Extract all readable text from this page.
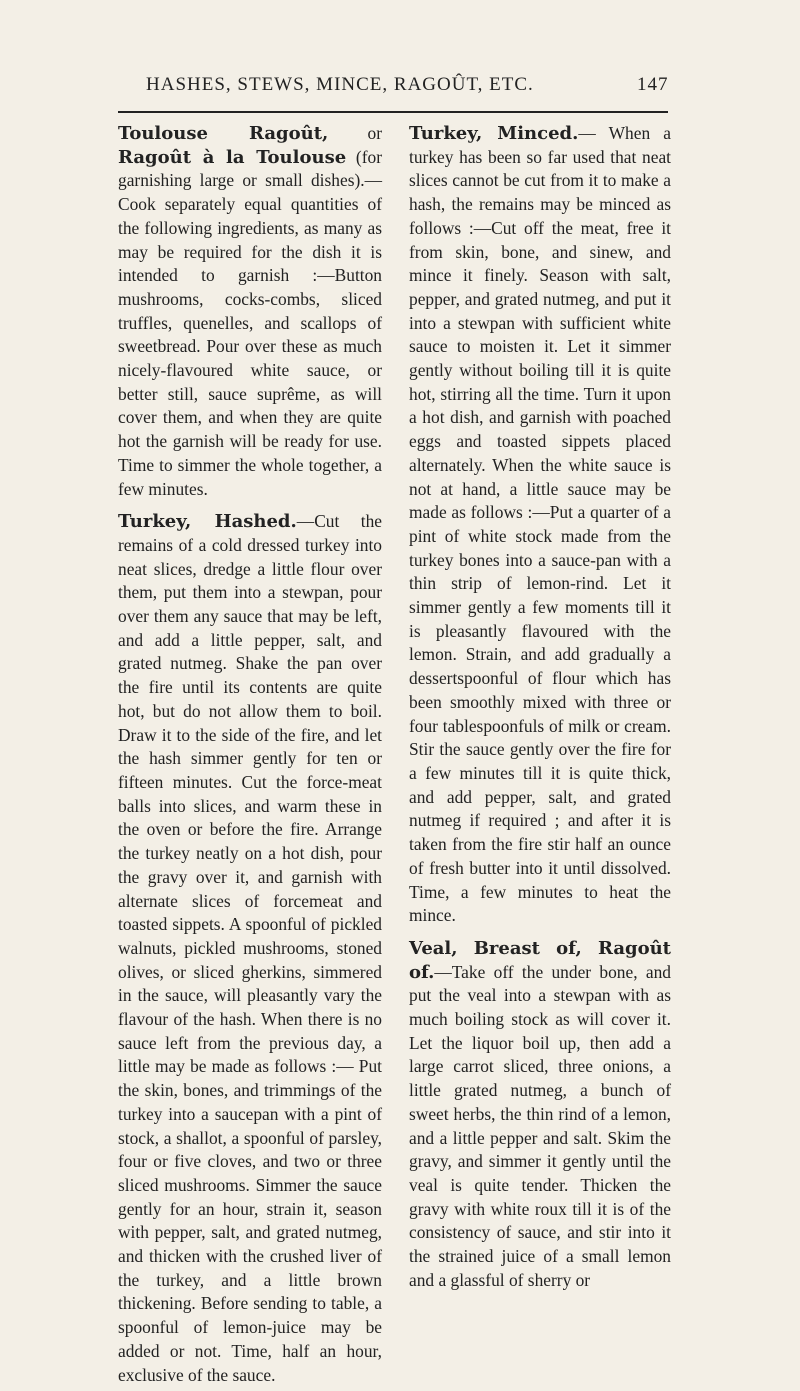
HASHES, STEWS, MINCE, RAGOÛT, ETC.	147

Toulouse Ragoût, or Ragoût à la Toulouse (for garnishing large or small dishes).—Cook separately equal quantities of the following ingredients, as many as may be required for the dish it is intended to garnish :—Button mushrooms, cocks-combs, sliced truffles, quenelles, and scallops of sweetbread. Pour over these as much nicely-flavoured white sauce, or better still, sauce suprême, as will cover them, and when they are quite hot the garnish will be ready for use. Time to simmer the whole together, a few minutes.

Turkey, Hashed.—Cut the remains of a cold dressed turkey into neat slices, dredge a little flour over them, put them into a stewpan, pour over them any sauce that may be left, and add a little pepper, salt, and grated nutmeg. Shake the pan over the fire until its contents are quite hot, but do not allow them to boil. Draw it to the side of the fire, and let the hash simmer gently for ten or fifteen minutes. Cut the force-meat balls into slices, and warm these in the oven or before the fire. Arrange the turkey neatly on a hot dish, pour the gravy over it, and garnish with alternate slices of forcemeat and toasted sippets. A spoonful of pickled walnuts, pickled mushrooms, stoned olives, or sliced gherkins, simmered in the sauce, will pleasantly vary the flavour of the hash. When there is no sauce left from the previous day, a little may be made as follows :— Put the skin, bones, and trimmings of the turkey into a saucepan with a pint of stock, a shallot, a spoonful of parsley, four or five cloves, and two or three sliced mushrooms. Simmer the sauce gently for an hour, strain it, season with pepper, salt, and grated nutmeg, and thicken with the crushed liver of the turkey, and a little brown thickening. Before sending to table, a spoonful of lemon-juice may be added or not. Time, half an hour, exclusive of the sauce.

Turkey, Minced.— When a turkey has been so far used that neat slices cannot be cut from it to make a hash, the remains may be minced as follows :—Cut off the meat, free it from skin, bone, and sinew, and mince it finely. Season with salt, pepper, and grated nutmeg, and put it into a stewpan with sufficient white sauce to moisten it. Let it simmer gently without boiling till it is quite hot, stirring all the time. Turn it upon a hot dish, and garnish with poached eggs and toasted sippets placed alternately. When the white sauce is not at hand, a little sauce may be made as follows :—Put a quarter of a pint of white stock made from the turkey bones into a sauce-pan with a thin strip of lemon-rind. Let it simmer gently a few moments till it is pleasantly flavoured with the lemon. Strain, and add gradually a dessertspoonful of flour which has been smoothly mixed with three or four tablespoonfuls of milk or cream. Stir the sauce gently over the fire for a few minutes till it is quite thick, and add pepper, salt, and grated nutmeg if required ; and after it is taken from the fire stir half an ounce of fresh butter into it until dissolved. Time, a few minutes to heat the mince.

Veal, Breast of, Ragoût of.—Take off the under bone, and put the veal into a stewpan with as much boiling stock as will cover it. Let the liquor boil up, then add a large carrot sliced, three onions, a little grated nutmeg, a bunch of sweet herbs, the thin rind of a lemon, and a little pepper and salt. Skim the gravy, and simmer it gently until the veal is quite tender. Thicken the gravy with white roux till it is of the consistency of sauce, and stir into it the strained juice of a small lemon and a glassful of sherry or
